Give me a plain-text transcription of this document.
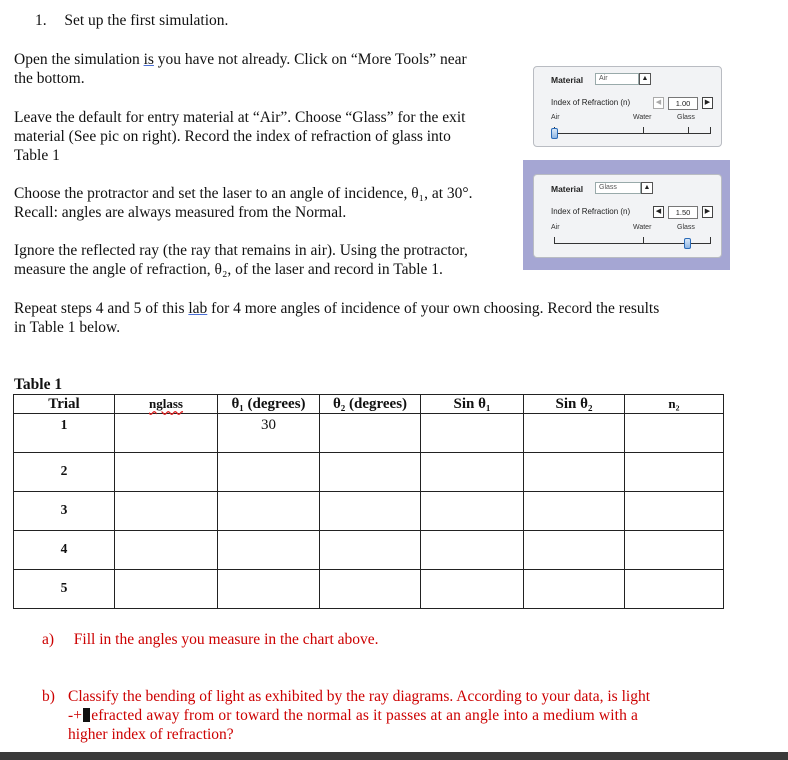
1. Set up the first simulation.
Open the simulation is you have not already. Click on “More Tools” near
the bottom.
Leave the default for entry material at “Air”. Choose “Glass” for the exit
material (See pic on right). Record the index of refraction of glass into
Table 1
Choose the protractor and set the laser to an angle of incidence, θ₁, at 30°.
Recall: angles are always measured from the Normal.
Ignore the reflected ray (the ray that remains in air). Using the protractor,
measure the angle of refraction, θ₂, of the laser and record in Table 1.
Repeat steps 4 and 5 of this lab for 4 more angles of incidence of your own choosing. Record the results
in Table 1 below.
Material	Air	▲
Index of Refraction (n)	◀	1.00	▶
Air	Water	Glass
Material	Glass	▲
Index of Refraction (n)	◀	1.50	▶
Air	Water	Glass
Table 1
Trial	nglass	θ₁ (degrees)	θ₂ (degrees)	Sin θ₁	Sin θ₂	n₂
1		30				
2						
3						
4						
5						
a) Fill in the angles you measure in the chart above.
b) Classify the bending of light as exhibited by the ray diagrams. According to your data, is light
-+ efracted away from or toward the normal as it passes at an angle into a medium with a
higher index of refraction?
